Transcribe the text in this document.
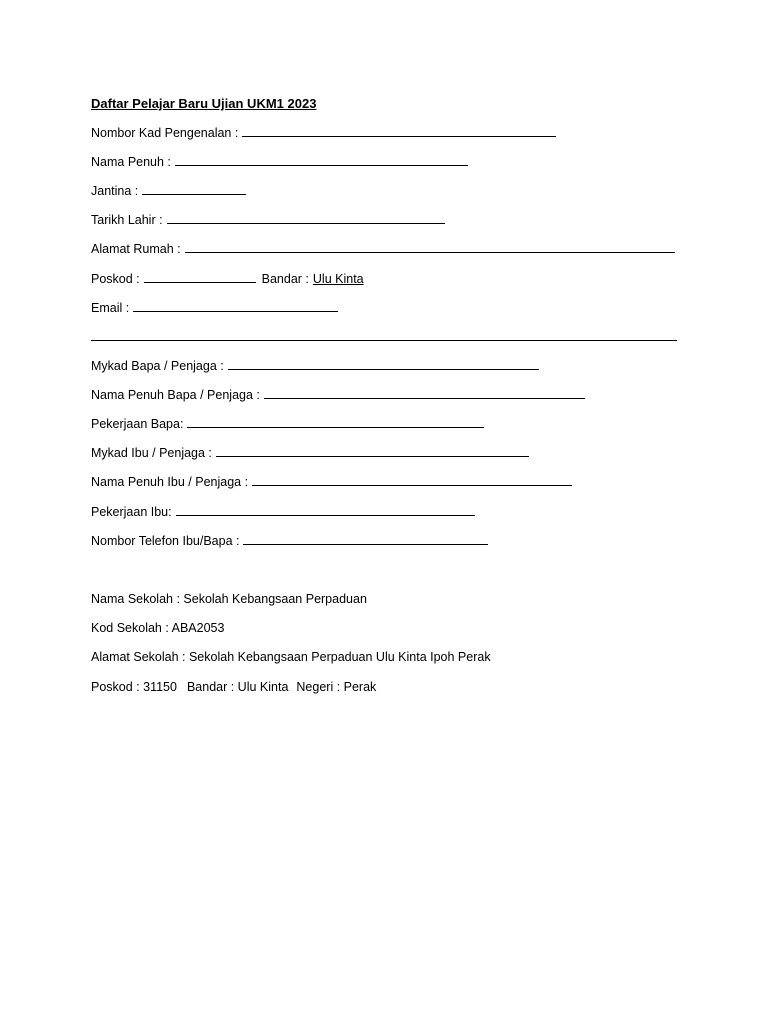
Daftar Pelajar Baru Ujian UKM1 2023
Nombor Kad Pengenalan :
Nama Penuh :
Jantina :
Tarikh Lahir :
Alamat Rumah :
Poskod :	Bandar : Ulu Kinta
Email :
Mykad Bapa / Penjaga :
Nama Penuh Bapa / Penjaga :
Pekerjaan Bapa:
Mykad Ibu / Penjaga :
Nama Penuh Ibu / Penjaga :
Pekerjaan Ibu:
Nombor Telefon Ibu/Bapa :
Nama Sekolah : Sekolah Kebangsaan Perpaduan
Kod Sekolah : ABA2053
Alamat Sekolah : Sekolah Kebangsaan Perpaduan Ulu Kinta Ipoh Perak
Poskod : 31150 Bandar : Ulu Kinta Negeri : Perak
